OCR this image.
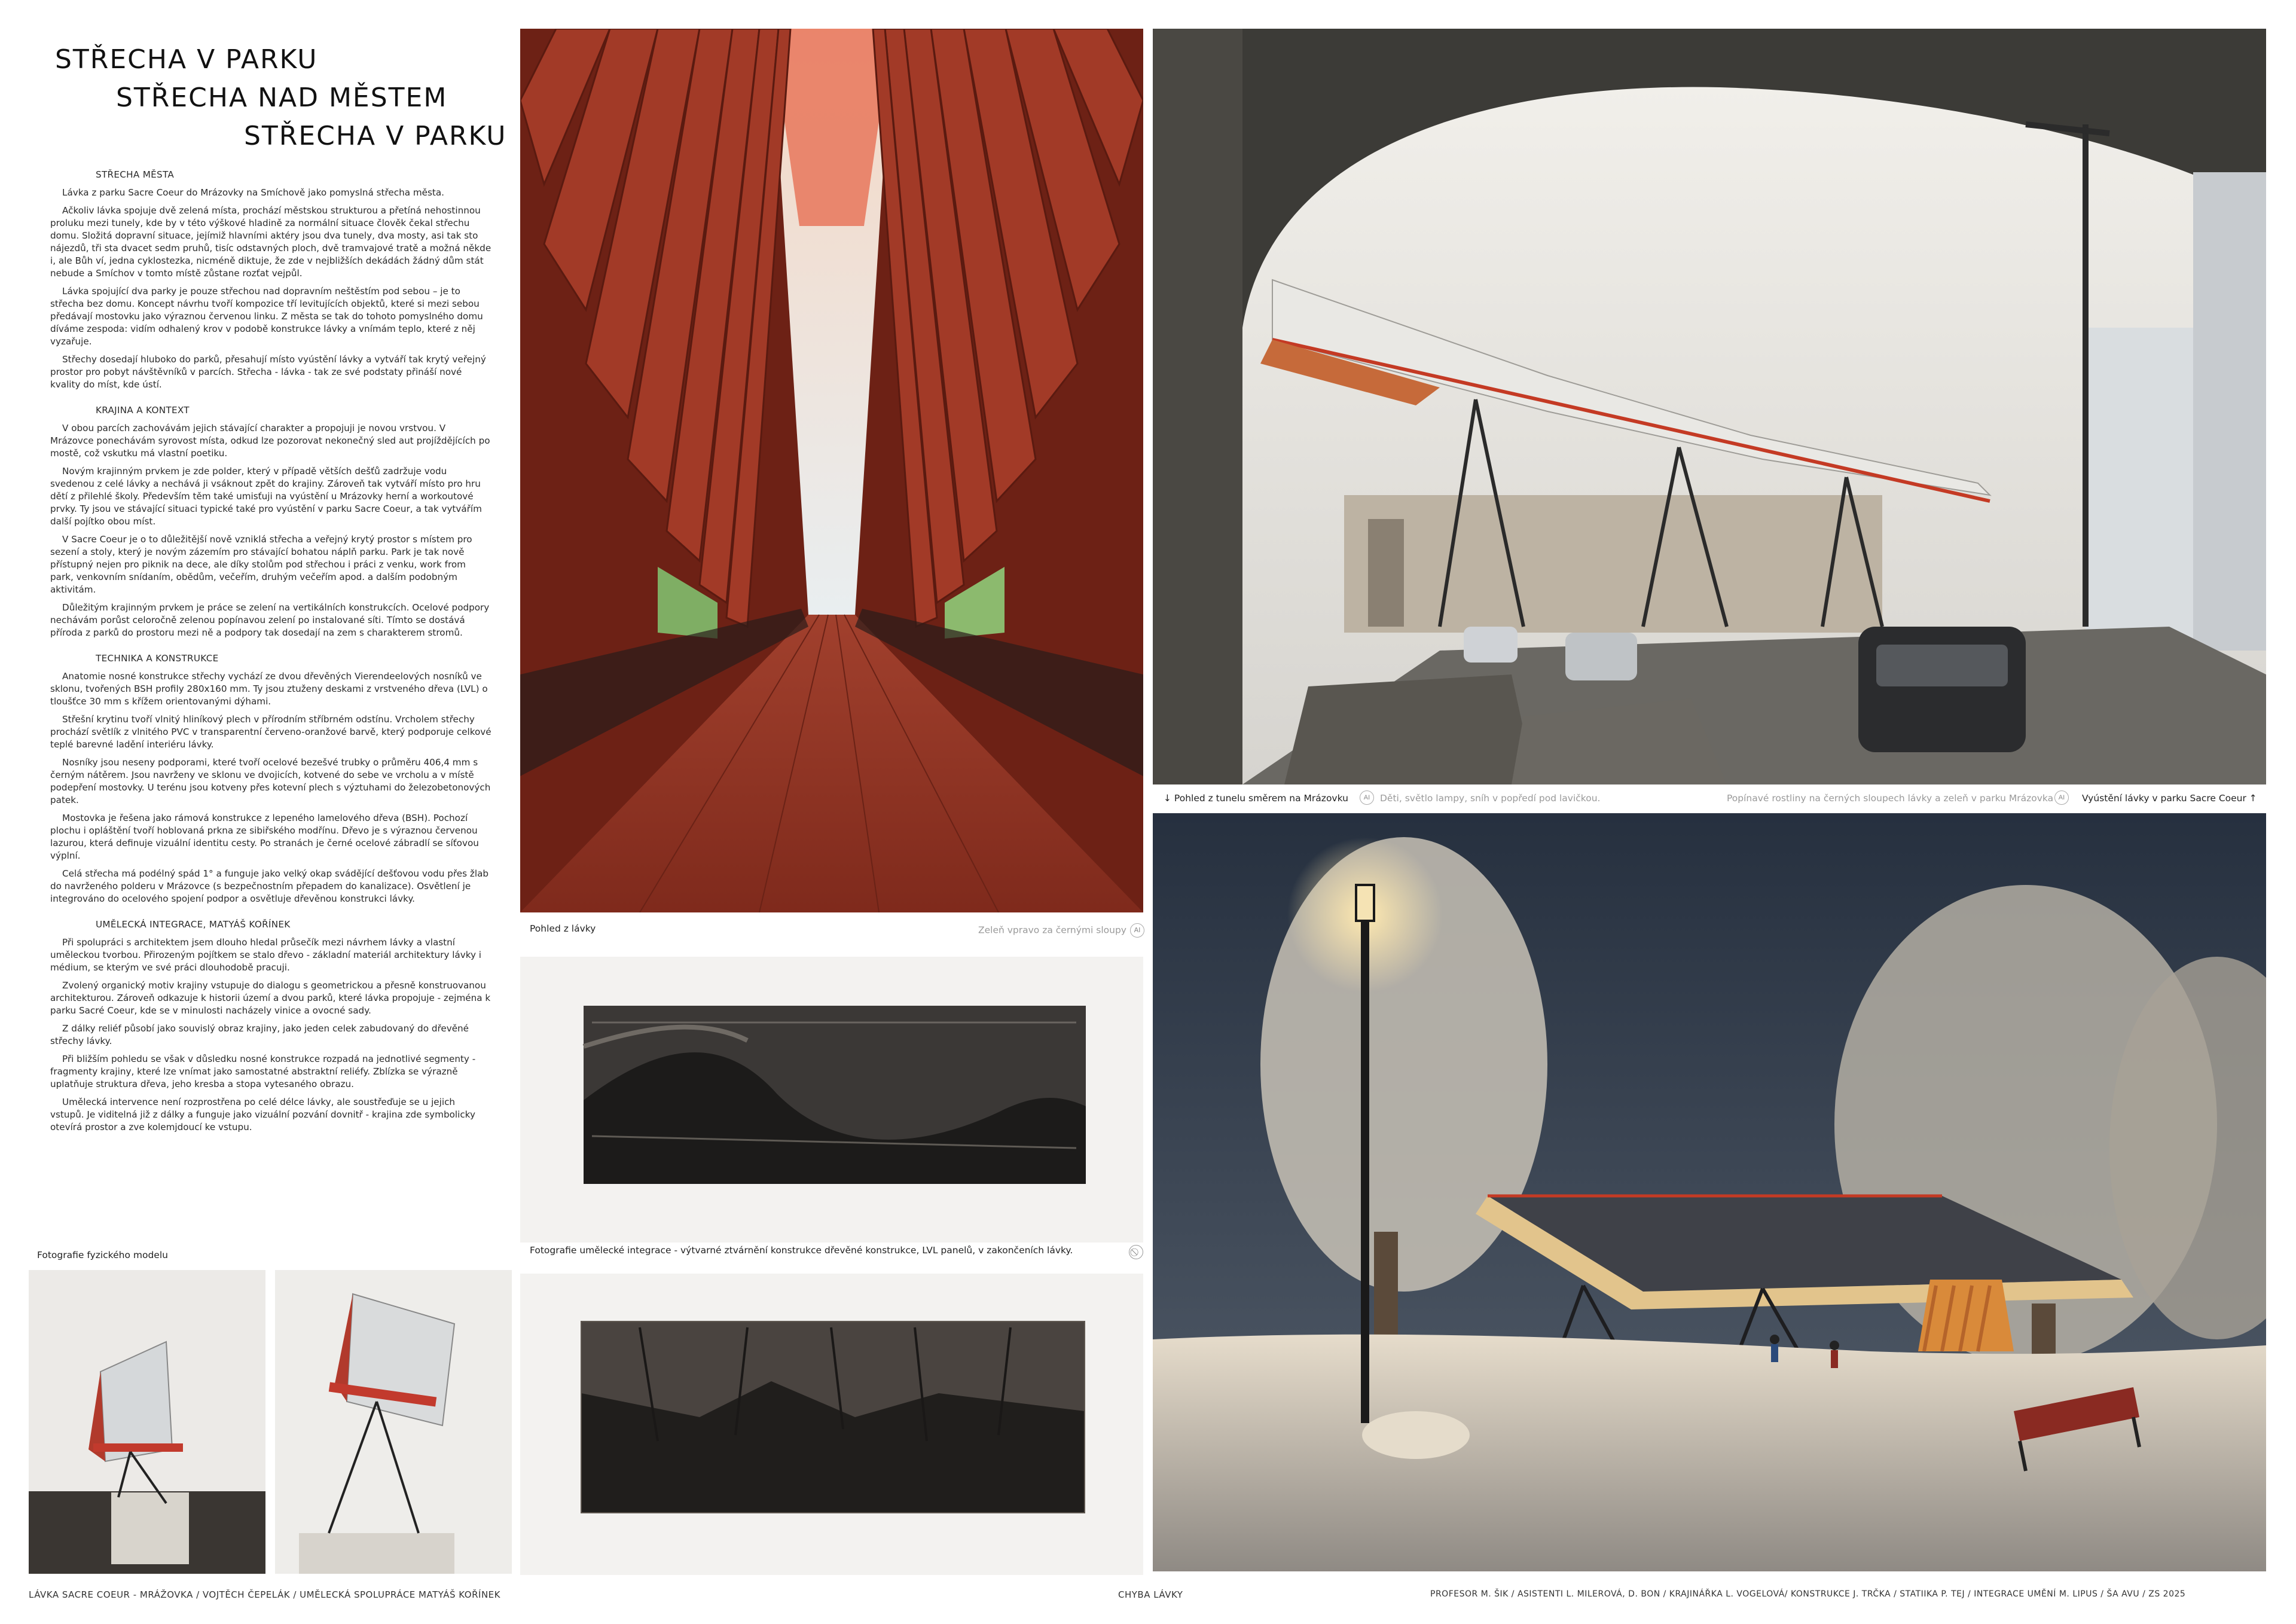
STŘECHA V PARKU
STŘECHA NAD MĚSTEM
STŘECHA V PARKU
STŘECHA MĚSTA

Lávka z parku Sacre Coeur do Mrázovky na Smíchově jako pomyslná střecha města.

Ačkoliv lávka spojuje dvě zelená místa, prochází městskou strukturou a přetíná nehostinnou proluku mezi tunely, kde by v této výškové hladině za normální situace člověk čekal střechu domu. Složitá dopravní situace, jejímiž hlavními aktéry jsou dva tunely, dva mosty, asi tak sto nájezdů, tři sta dvacet sedm pruhů, tisíc odstavných ploch, dvě tramvajové tratě a možná někde i, ale Bůh ví, jedna cyklostezka, nicméně diktuje, že zde v nejbližších dekádách žádný dům stát nebude a Smíchov v tomto místě zůstane rozťat vejpůl.

Lávka spojující dva parky je pouze střechou nad dopravním neštěstím pod sebou – je to střecha bez domu. Koncept návrhu tvoří kompozice tří levitujících objektů, které si mezi sebou předávají mostovku jako výraznou červenou linku. Z města se tak do tohoto pomyslného domu díváme zespoda: vidím odhalený krov v podobě konstrukce lávky a vnímám teplo, které z něj vyzařuje.

Střechy dosedají hluboko do parků, přesahují místo vyústění lávky a vytváří tak krytý veřejný prostor pro pobyt návštěvníků v parcích. Střecha - lávka - tak ze své podstaty přináší nové kvality do míst, kde ústí.

KRAJINA A KONTEXT

V obou parcích zachovávám jejich stávající charakter a propojuji je novou vrstvou. V Mrázovce ponechávám syrovost místa, odkud lze pozorovat nekonečný sled aut projíždějících po mostě, což vskutku má vlastní poetiku.

Novým krajinným prvkem je zde polder, který v případě větších dešťů zadržuje vodu svedenou z celé lávky a nechává ji vsáknout zpět do krajiny. Zároveň tak vytváří místo pro hru dětí z přilehlé školy. Především těm také umisťuji na vyústění u Mrázovky herní a workoutové prvky. Ty jsou ve stávající situaci typické také pro vyústění v parku Sacre Coeur, a tak vytvářím další pojítko obou míst.

V Sacre Coeur je o to důležitější nově vzniklá střecha a veřejný krytý prostor s místem pro sezení a stoly, který je novým zázemím pro stávající bohatou náplň parku. Park je tak nově přístupný nejen pro piknik na dece, ale díky stolům pod střechou i práci z venku, work from park, venkovním snídaním, obědům, večeřím, druhým večeřím apod. a dalším podobným aktivitám.

Důležitým krajinným prvkem je práce se zelení na vertikálních konstrukcích. Ocelové podpory nechávám porůst celoročně zelenou popínavou zelení po instalované síti. Tímto se dostává příroda z parků do prostoru mezi ně a podpory tak dosedají na zem s charakterem stromů.

TECHNIKA A KONSTRUKCE

Anatomie nosné konstrukce střechy vychází ze dvou dřevěných Vierendeelových nosníků ve sklonu, tvořených BSH profily 280x160 mm. Ty jsou ztuženy deskami z vrstveného dřeva (LVL) o tloušťce 30 mm s křížem orientovanými dýhami.

Střešní krytinu tvoří vlnitý hliníkový plech v přírodním stříbrném odstínu. Vrcholem střechy prochází světlík z vlnitého PVC v transparentní červeno-oranžové barvě, který podporuje celkové teplé barevné ladění interiéru lávky.

Nosníky jsou neseny podporami, které tvoří ocelové bezešvé trubky o průměru 406,4 mm s černým nátěrem. Jsou navrženy ve sklonu ve dvojicích, kotvené do sebe ve vrcholu a v místě podepření mostovky. U terénu jsou kotveny přes kotevní plech s výztuhami do železobetonových patek.

Mostovka je řešena jako rámová konstrukce z lepeného lamelového dřeva (BSH). Pochozí plochu i opláštění tvoří hoblovaná prkna ze sibiřského modřínu. Dřevo je s výraznou červenou lazurou, která definuje vizuální identitu cesty. Po stranách je černé ocelové zábradlí se síťovou výplní.

Celá střecha má podélný spád 1° a funguje jako velký okap svádějící dešťovou vodu přes žlab do navrženého polderu v Mrázovce (s bezpečnostním přepadem do kanalizace). Osvětlení je integrováno do ocelového spojení podpor a osvětluje dřevěnou konstrukci lávky.

UMĚLECKÁ INTEGRACE, MATYÁŠ KOŘÍNEK

Při spolupráci s architektem jsem dlouho hledal průsečík mezi návrhem lávky a vlastní uměleckou tvorbou. Přirozeným pojítkem se stalo dřevo - základní materiál architektury lávky i médium, se kterým ve své práci dlouhodobě pracuji.

Zvolený organický motiv krajiny vstupuje do dialogu s geometrickou a přesně konstruovanou architekturou. Zároveň odkazuje k historii území a dvou parků, které lávka propojuje - zejména k parku Sacré Coeur, kde se v minulosti nacházely vinice a ovocné sady.

Z dálky reliéf působí jako souvislý obraz krajiny, jako jeden celek zabudovaný do dřevěné střechy lávky.

Při bližším pohledu se však v důsledku nosné konstrukce rozpadá na jednotlivé segmenty - fragmenty krajiny, které lze vnímat jako samostatné abstraktní reliéfy. Zblízka se výrazně uplatňuje struktura dřeva, jeho kresba a stopa vytesaného obrazu.

Umělecká intervence není rozprostřena po celé délce lávky, ale soustřeďuje se u jejich vstupů. Je viditelná již z dálky a funguje jako vizuální pozvání dovnitř - krajina zde symbolicky otevírá prostor a zve kolemjdoucí ke vstupu.

Pohled z lávky	Zeleň vpravo za černými sloupy AI
Fotografie umělecké integrace - výtvarné ztvárnění konstrukce dřevěné konstrukce, LVL panelů, v zakončeních lávky.
↓ Pohled z tunelu směrem na Mrázovku	AI	Děti, světlo lampy, sníh v popředí pod lavičkou.	Popínavé rostliny na černých sloupech lávky a zeleň v parku Mrázovka AI	Vyústění lávky v parku Sacre Coeur ↑
Fotografie fyzického modelu
LÁVKA SACRE COEUR - MRÁŽOVKA / VOJTĚCH ČEPELÁK / UMĚLECKÁ SPOLUPRÁCE MATYÁŠ KOŘÍNEK	CHYBA LÁVKY	PROFESOR M. ŠIK / ASISTENTI L. MILEROVÁ, D. BON / KRAJINÁŘKA L. VOGELOVÁ/ KONSTRUKCE J. TRČKA / STATIIKA P. TEJ / INTEGRACE UMĚNÍ M. LIPUS / ŠA AVU / ZS 2025
